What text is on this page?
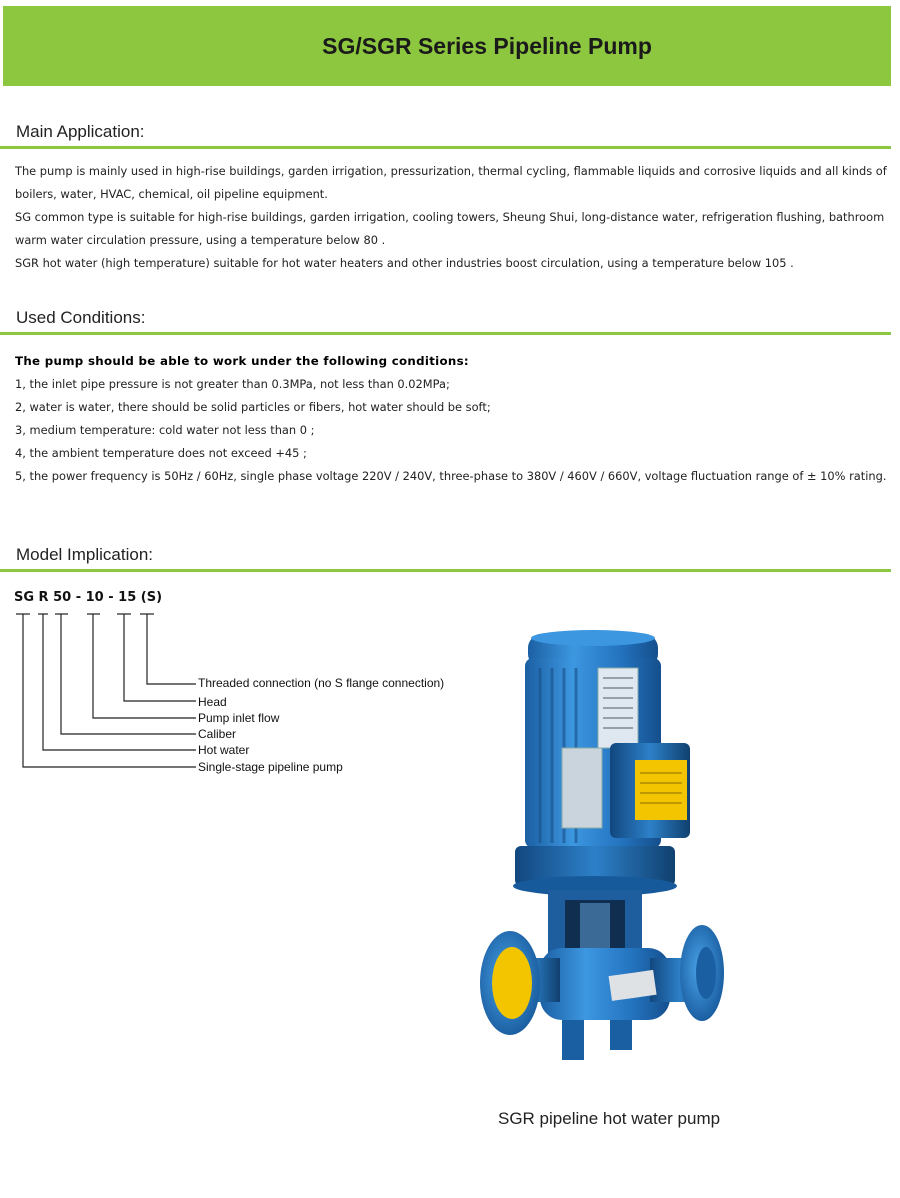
SG/SGR Series Pipeline Pump
Main Application:

The pump is mainly used in high-rise buildings, garden irrigation, pressurization, thermal cycling, flammable liquids and corrosive liquids and all kinds of boilers, water, HVAC, chemical, oil pipeline equipment.

SG common type is suitable for high-rise buildings, garden irrigation, cooling towers, Sheung Shui, long-distance water, refrigeration flushing, bathroom warm water circulation pressure, using a temperature below 80 .

SGR hot water (high temperature) suitable for hot water heaters and other industries boost circulation, using a temperature below 105 .

Used Conditions:

The pump should be able to work under the following conditions:

1, the inlet pipe pressure is not greater than 0.3MPa, not less than 0.02MPa;

2, water is water, there should be solid particles or fibers, hot water should be soft;

3, medium temperature: cold water not less than 0 ;

4, the ambient temperature does not exceed +45 ;

5, the power frequency is 50Hz / 60Hz, single phase voltage 220V / 240V, three-phase to 380V / 460V / 660V, voltage fluctuation range of ± 10% rating.

Model Implication:
SG R 50 - 10 - 15 (S)
Threaded connection (no S flange connection)
Head
Pump inlet flow
Caliber
Hot water
Single-stage pipeline pump
SGR pipeline hot water pump
